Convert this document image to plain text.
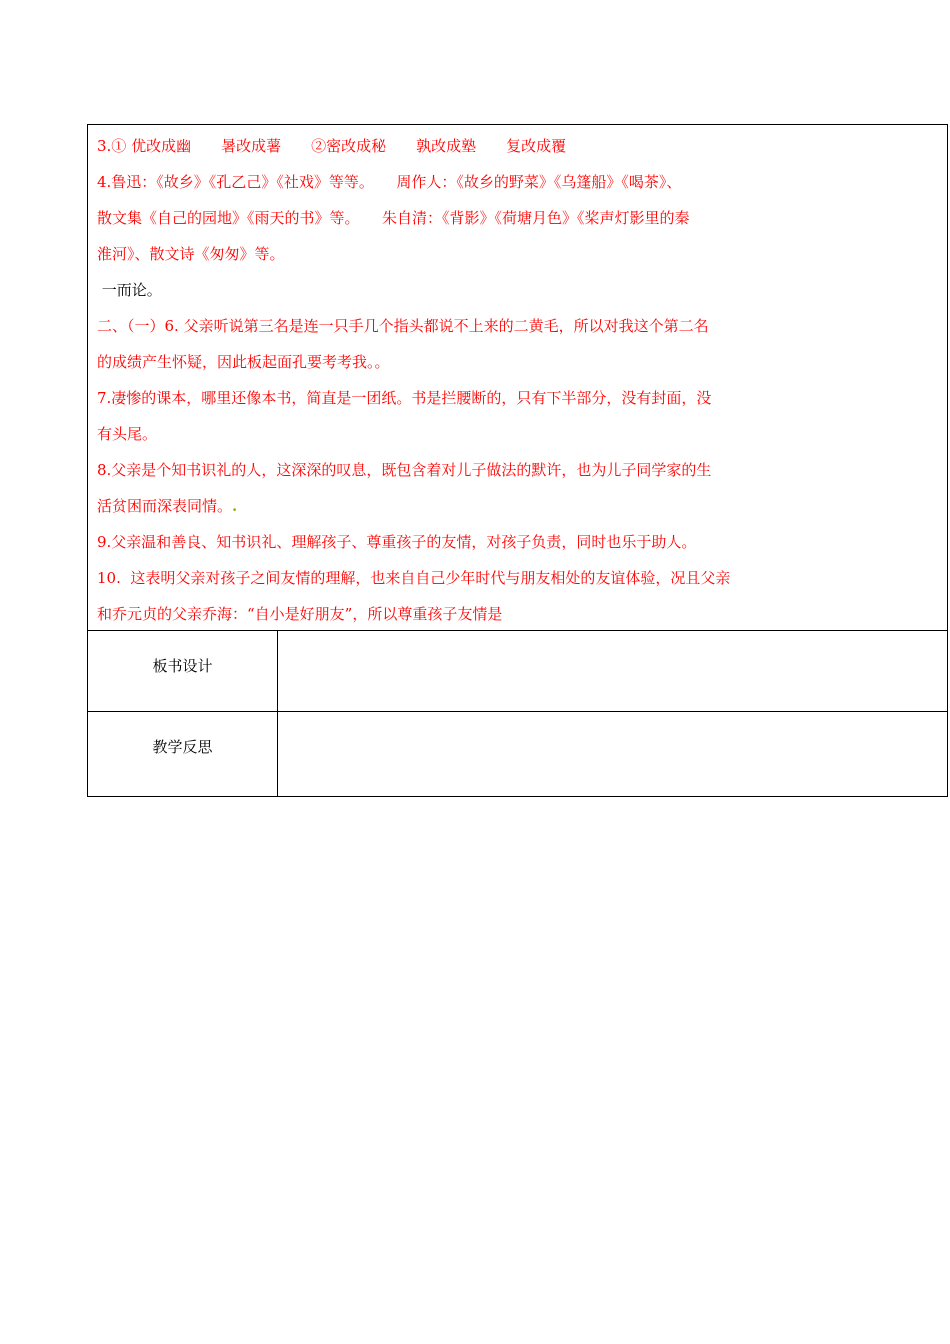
3.① 优改成幽　　暑改成薯　　②密改成秘　　孰改成塾　　复改成覆
4.鲁迅：《故乡》《孔乙己》《社戏》等等。　　周作人：《故乡的野菜》《乌篷船》《喝茶》、
散文集《自己的园地》《雨天的书》等。　　朱自清：《背影》《荷塘月色》《桨声灯影里的秦
淮河》、散文诗《匆匆》等。
一而论。
二、（一）6. 父亲听说第三名是连一只手几个指头都说不上来的二黄毛，所以对我这个第二名
的成绩产生怀疑，因此板起面孔要考考我。。
7.凄惨的课本，哪里还像本书，简直是一团纸。书是拦腰断的，只有下半部分，没有封面，没
有头尾。
8.父亲是个知书识礼的人，这深深的叹息，既包含着对儿子做法的默许，也为儿子同学家的生
活贫困而深表同情。.
9.父亲温和善良、知书识礼、理解孩子、尊重孩子的友情，对孩子负责，同时也乐于助人。
10.  这表明父亲对孩子之间友情的理解，也来自自己少年时代与朋友相处的友谊体验，况且父亲
和乔元贞的父亲乔海：“自小是好朋友”，所以尊重孩子友情是
板书设计
教学反思
